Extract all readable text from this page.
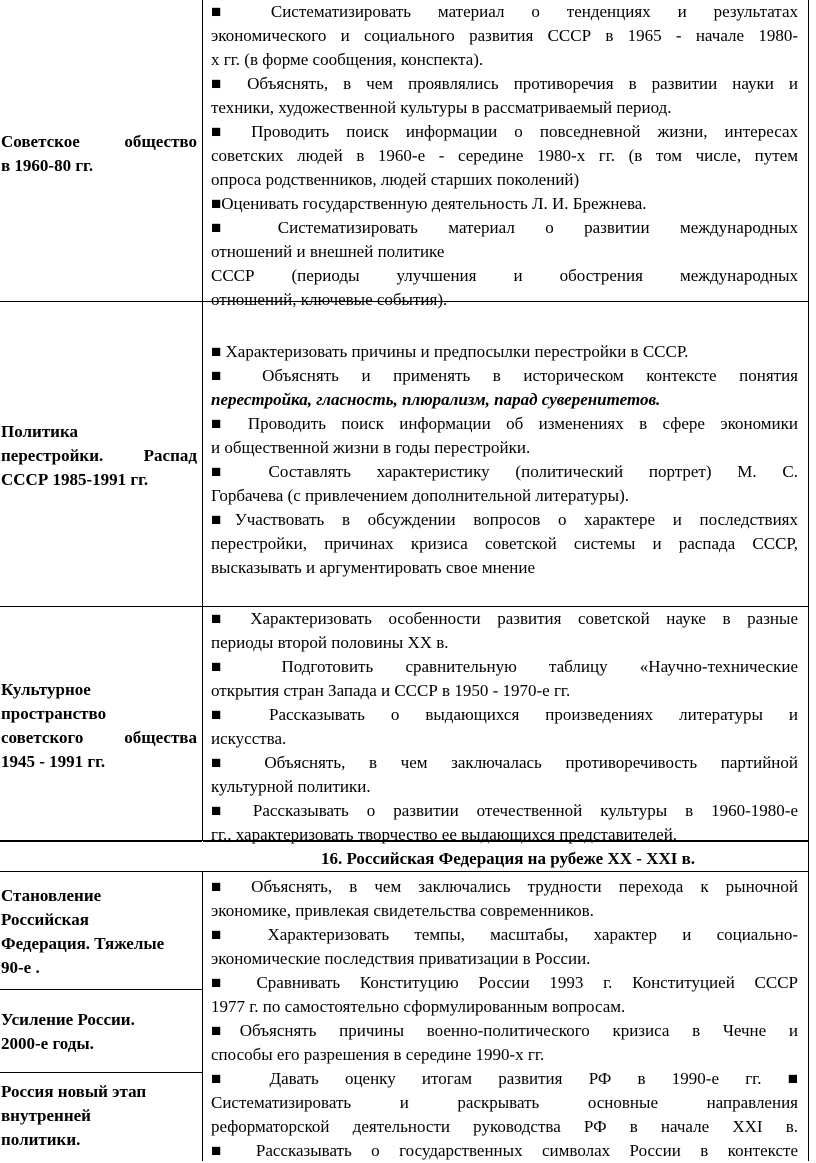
Советское общество
в 1960-80 гг.
■ Систематизировать материал о тенденциях и результатах
экономического и социального развития СССР в 1965 - начале 1980-
х гг. (в форме сообщения, конспекта).
■ Объяснять, в чем проявлялись противоречия в развитии науки и
техники, художественной культуры в рассматриваемый период.
■ Проводить поиск информации о повседневной жизни, интересах
советских людей в 1960-е - середине 1980-х гг. (в том числе, путем
опроса родственников, людей старших поколений)
■Оценивать государственную деятельность Л. И. Брежнева.
■ Систематизировать материал о развитии международных
отношений и внешней политике
СССР (периоды улучшения и обострения международных
отношений, ключевые события).
Политика
перестройки. Распад
СССР 1985-1991 гг.
■ Характеризовать причины и предпосылки перестройки в СССР.
■ Объяснять и применять в историческом контексте понятия
перестройка, гласность, плюрализм, парад суверенитетов.
■ Проводить поиск информации об изменениях в сфере экономики
и общественной жизни в годы перестройки.
■ Составлять характеристику (политический портрет) М. С.
Горбачева (с привлечением дополнительной литературы).
■Участвовать в обсуждении вопросов о характере и последствиях
перестройки, причинах кризиса советской системы и распада СССР,
высказывать и аргументировать свое мнение
Культурное
пространство
советского общества
1945 - 1991 гг.
■ Характеризовать особенности развития советской науке в разные
периоды второй половины XX в.
■ Подготовить сравнительную таблицу «Научно-технические
открытия стран Запада и СССР в 1950 - 1970-е гг.
■ Рассказывать о выдающихся произведениях литературы и
искусства.
■ Объяснять, в чем заключалась противоречивость партийной
культурной политики.
■ Рассказывать о развитии отечественной культуры в 1960-1980-е
гг., характеризовать творчество ее выдающихся представителей.
16. Российская Федерация на рубеже XX - XXI в.
Становление
Российская
Федерация. Тяжелые
90-е .
Усиление России.
2000-е годы.
Россия новый этап
внутренней
политики.
■ Объяснять, в чем заключались трудности перехода к рыночной
экономике, привлекая свидетельства современников.
■ Характеризовать темпы, масштабы, характер и социально-
экономические последствия приватизации в России.
■ Сравнивать Конституцию России 1993 г. Конституцией СССР
1977 г. по самостоятельно сформулированным вопросам.
■Объяснять причины военно-политического кризиса в Чечне и
способы его разрешения в середине 1990-х гг.
■ Давать оценку итогам развития РФ в 1990-е гг. ■
Систематизировать и раскрывать основные направления
реформаторской деятельности руководства РФ в начале XXI в.
■ Рассказывать о государственных символах России в контексте
